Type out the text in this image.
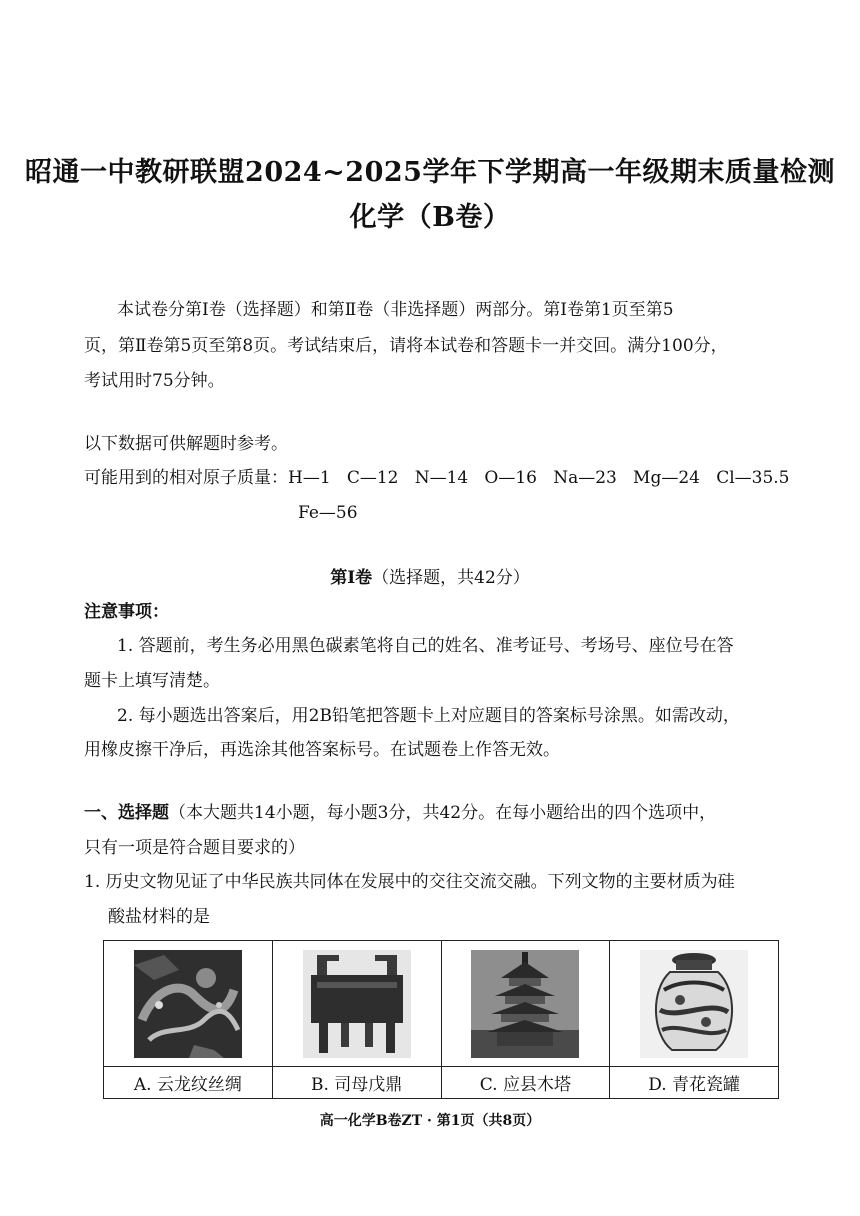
昭通一中教研联盟2024~2025学年下学期高一年级期末质量检测
化学（B卷）
本试卷分第Ⅰ卷（选择题）和第Ⅱ卷（非选择题）两部分。第Ⅰ卷第1页至第5
页，第Ⅱ卷第5页至第8页。考试结束后，请将本试卷和答题卡一并交回。满分100分，
考试用时75分钟。
以下数据可供解题时参考。
可能用到的相对原子质量：H—1   C—12   N—14   O—16   Na—23   Mg—24   Cl—35.5
Fe—56
第Ⅰ卷（选择题，共42分）
注意事项：
1. 答题前，考生务必用黑色碳素笔将自己的姓名、准考证号、考场号、座位号在答
题卡上填写清楚。
2. 每小题选出答案后，用2B铅笔把答题卡上对应题目的答案标号涂黑。如需改动，
用橡皮擦干净后，再选涂其他答案标号。在试题卷上作答无效。
一、选择题（本大题共14小题，每小题3分，共42分。在每小题给出的四个选项中，
只有一项是符合题目要求的）
1. 历史文物见证了中华民族共同体在发展中的交往交流交融。下列文物的主要材质为硅
酸盐材料的是

A. 云龙纹丝绸	B. 司母戊鼎	C. 应县木塔	D. 青花瓷罐
高一化学B卷ZT · 第1页（共8页）
